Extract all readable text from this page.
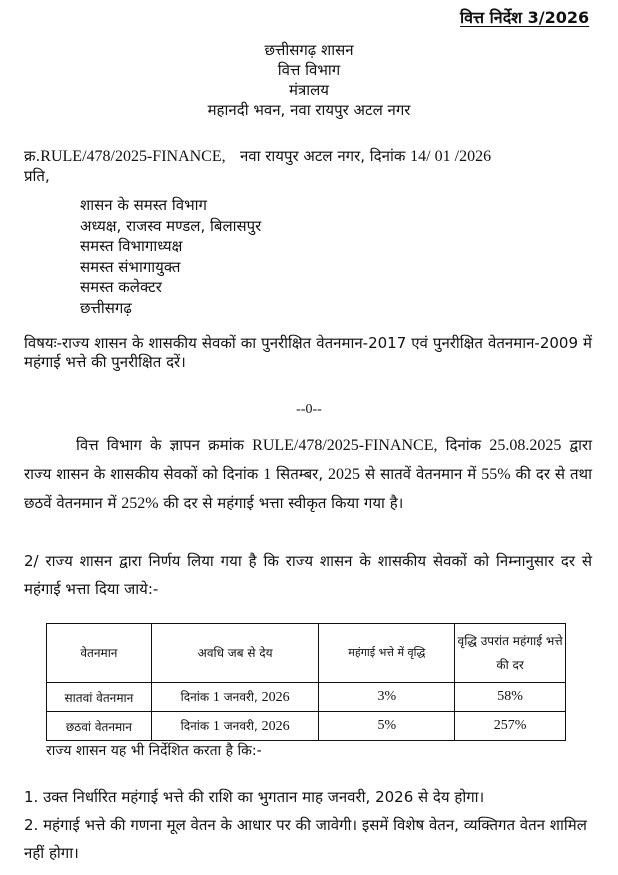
वित्त निर्देश 3/2026
छत्तीसगढ़ शासन
वित्त विभाग
मंत्रालय
महानदी भवन, नवा रायपुर अटल नगर
क्र.RULE/478/2025-FINANCE, नवा रायपुर अटल नगर, दिनांक 14/ 01 /2026
प्रति,
शासन के समस्त विभाग
अध्यक्ष, राजस्व मण्डल, बिलासपुर
समस्त विभागाध्यक्ष
समस्त संभागायुक्त
समस्त कलेक्टर
छत्तीसगढ़
विषयः-राज्य शासन के शासकीय सेवकों का पुनरीक्षित वेतनमान-2017 एवं पुनरीक्षित वेतनमान-2009 में महंगाई भत्ते की पुनरीक्षित दरें।
--0--
वित्त विभाग के ज्ञापन क्रमांक RULE/478/2025-FINANCE, दिनांक 25.08.2025 द्वारा राज्य शासन के शासकीय सेवकों को दिनांक 1 सितम्बर, 2025 से सातवें वेतनमान में 55% की दर से तथा छठवें वेतनमान में 252% की दर से महंगाई भत्ता स्वीकृत किया गया है।
2/ राज्य शासन द्वारा निर्णय लिया गया है कि राज्य शासन के शासकीय सेवकों को निम्नानुसार दर से महंगाई भत्ता दिया जाये:-
वेतनमान	अवधि जब से देय	महंगाई भत्ते में वृद्धि	वृद्धि उपरांत महंगाई भत्ते की दर
सातवां वेतनमान	दिनांक 1 जनवरी, 2026	3%	58%
छठवां वेतनमान	दिनांक 1 जनवरी, 2026	5%	257%
राज्य शासन यह भी निर्देशित करता है कि:-
1. उक्त निर्धारित महंगाई भत्ते की राशि का भुगतान माह जनवरी, 2026 से देय होगा।
2. महंगाई भत्ते की गणना मूल वेतन के आधार पर की जावेगी। इसमें विशेष वेतन, व्यक्तिगत वेतन शामिल नहीं होगा।
